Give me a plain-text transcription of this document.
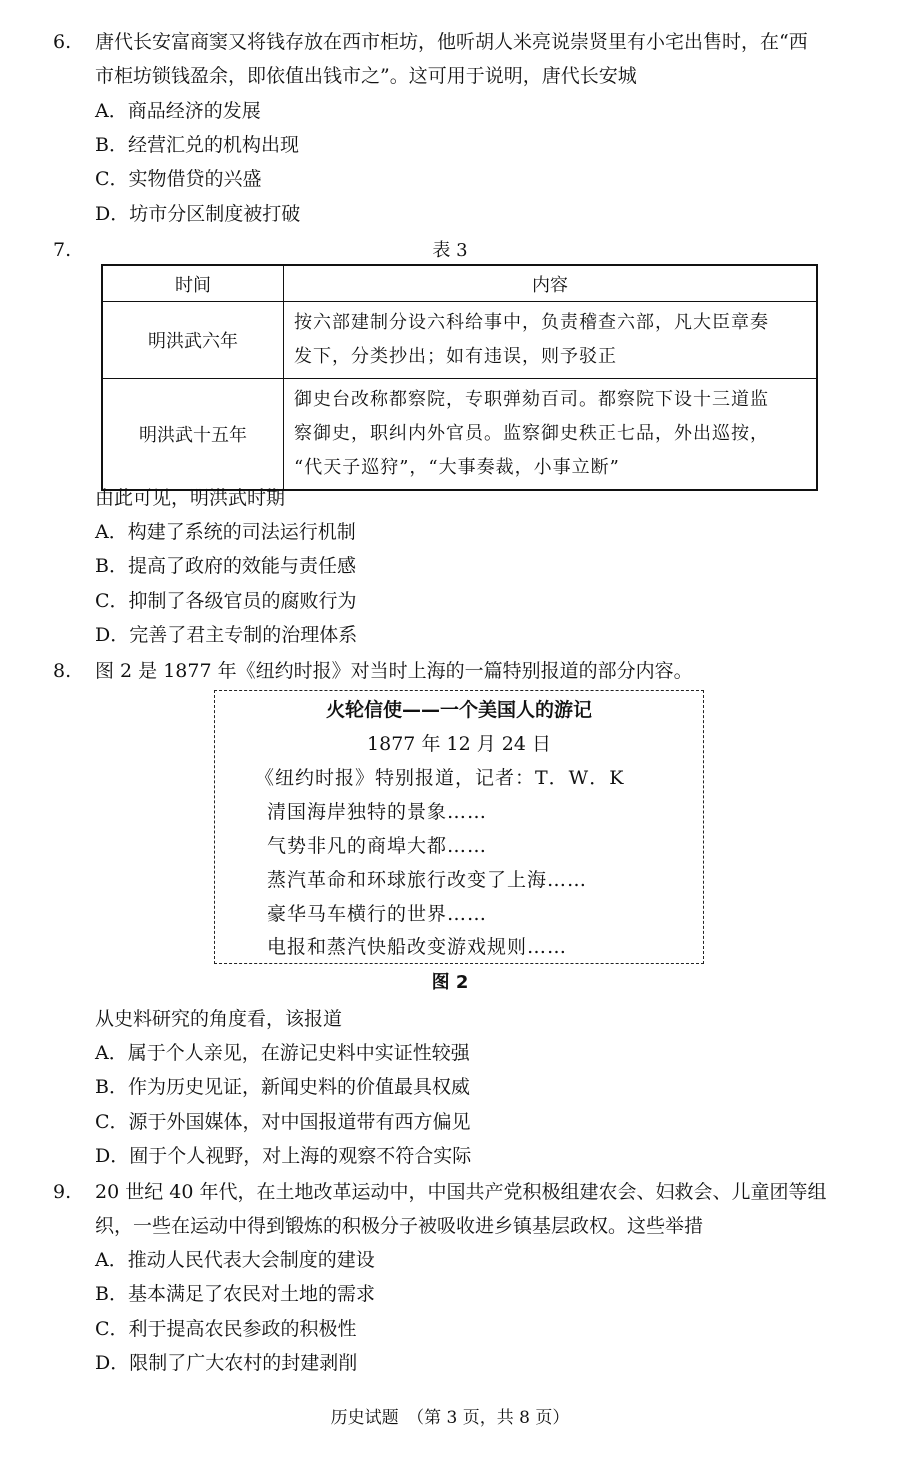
6. 唐代长安富商窦又将钱存放在西市柜坊，他听胡人米亮说崇贤里有小宅出售时，在“西
市柜坊锁钱盈余，即依值出钱市之”。这可用于说明，唐代长安城
A．商品经济的发展
B．经营汇兑的机构出现
C．实物借贷的兴盛
D．坊市分区制度被打破
7.	表 3
时间	内容
明洪武六年	按六部建制分设六科给事中，负责稽查六部，凡大臣章奏
发下，分类抄出；如有违误，则予驳正

明洪武十五年	御史台改称都察院，专职弹劾百司。都察院下设十三道监
察御史，职纠内外官员。监察御史秩正七品，外出巡按，
“代天子巡狩”，“大事奏裁，小事立断”
由此可见，明洪武时期
A．构建了系统的司法运行机制
B．提高了政府的效能与责任感
C．抑制了各级官员的腐败行为
D．完善了君主专制的治理体系
8. 图 2 是 1877 年《纽约时报》对当时上海的一篇特别报道的部分内容。
火轮信使——一个美国人的游记
1877 年 12 月 24 日
《纽约时报》特别报道，记者：T．W．K
清国海岸独特的景象……
气势非凡的商埠大都……
蒸汽革命和环球旅行改变了上海……
豪华马车横行的世界……
电报和蒸汽快船改变游戏规则……
图 2
从史料研究的角度看，该报道
A．属于个人亲见，在游记史料中实证性较强
B．作为历史见证，新闻史料的价值最具权威
C．源于外国媒体，对中国报道带有西方偏见
D．囿于个人视野，对上海的观察不符合实际
9. 20 世纪 40 年代，在土地改革运动中，中国共产党积极组建农会、妇救会、儿童团等组
织，一些在运动中得到锻炼的积极分子被吸收进乡镇基层政权。这些举措
A．推动人民代表大会制度的建设
B．基本满足了农民对土地的需求
C．利于提高农民参政的积极性
D．限制了广大农村的封建剥削
历史试题　（第 3 页，共 8 页）
